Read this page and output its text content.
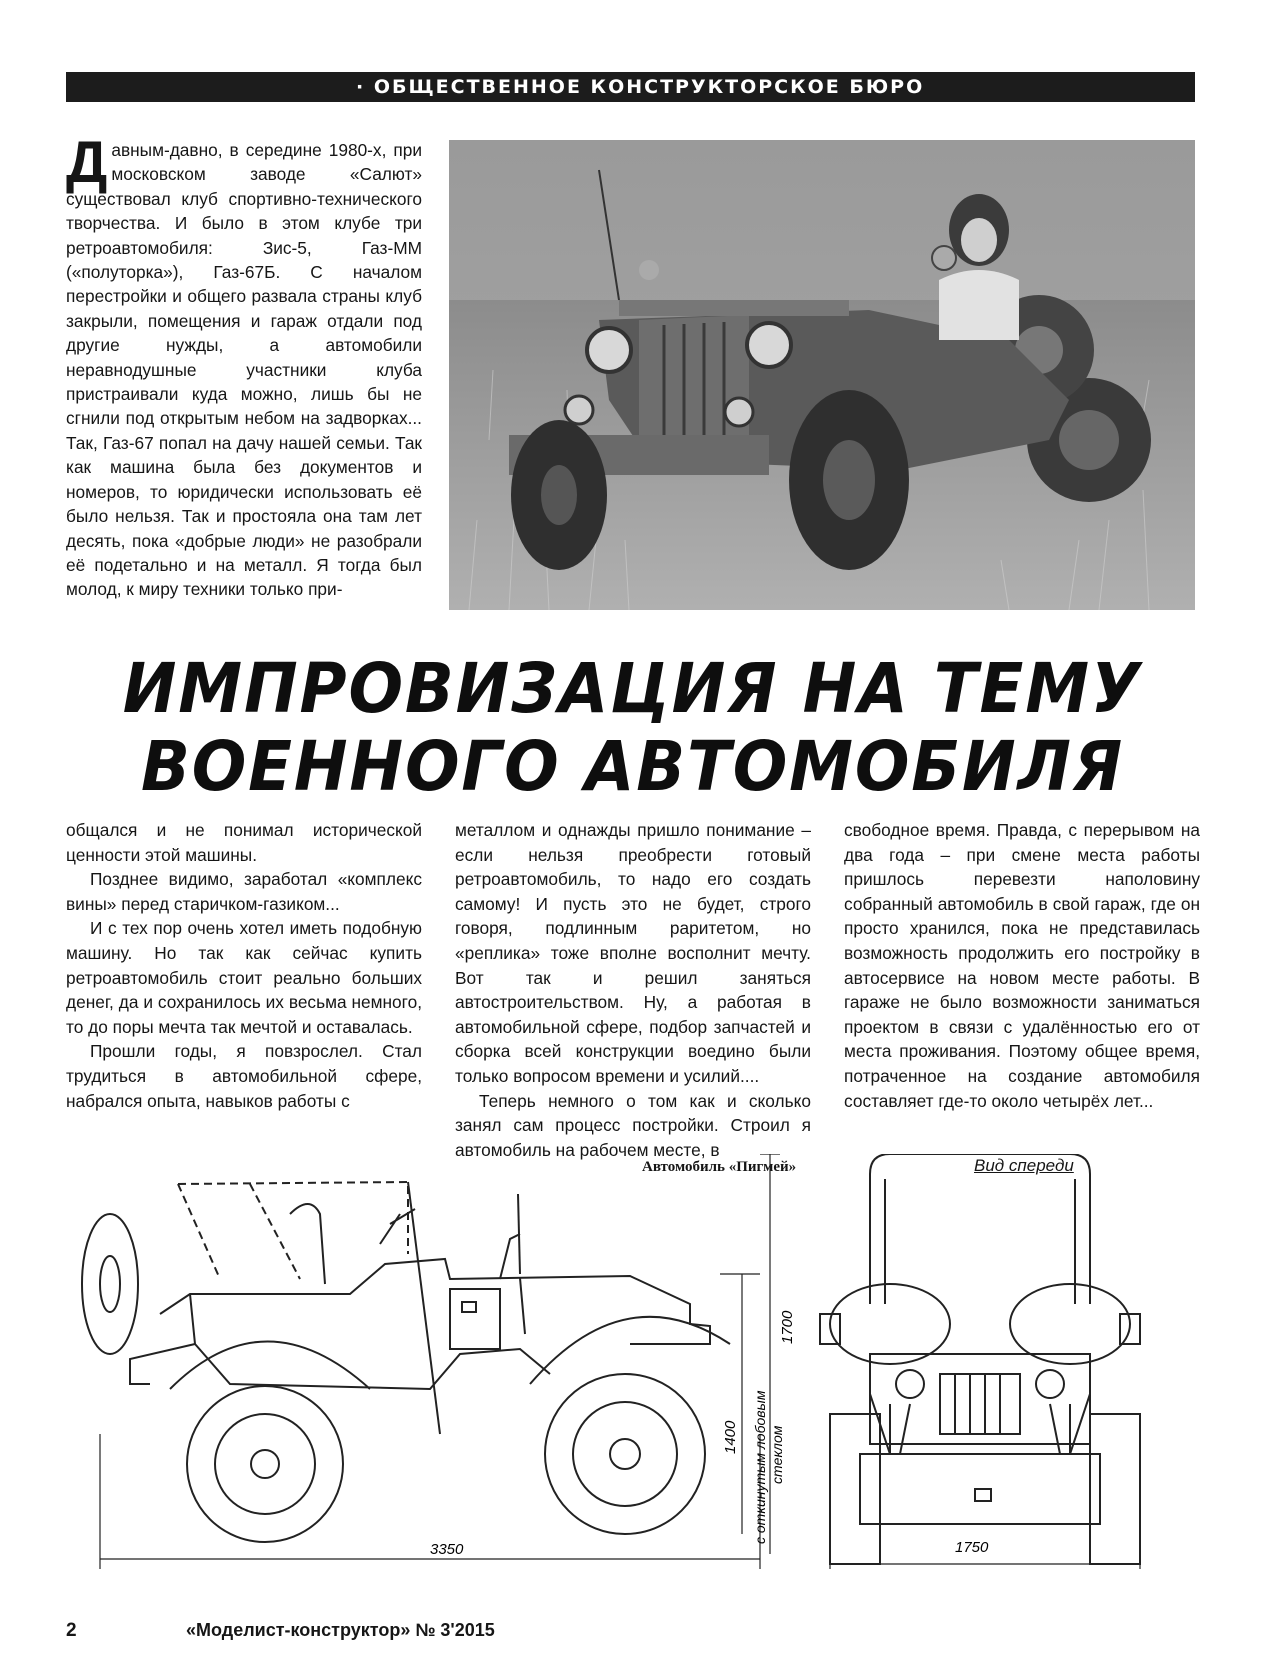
· ОБЩЕСТВЕННОЕ КОНСТРУКТОРСКОЕ БЮРО
Давным-давно, в середине 1980-х, при московском заводе «Салют» существовал клуб спортивно-технического творчества. И было в этом клубе три ретроавтомобиля: Зис-5, Газ-ММ («полуторка»), Газ-67Б. С началом перестройки и общего развала страны клуб закрыли, помещения и гараж отдали под другие нужды, а автомобили неравнодушные участники клуба пристраивали куда можно, лишь бы не сгнили под открытым небом на задворках... Так, Газ-67 попал на дачу нашей семьи. Так как машина была без документов и номеров, то юридически использовать её было нельзя. Так и простояла она там лет десять, пока «добрые люди» не разобрали её подетально и на металл. Я тогда был молод, к миру техники только при-
ИМПРОВИЗАЦИЯ НА ТЕМУ
ВОЕННОГО АВТОМОБИЛЯ

общался и не понимал исторической ценности этой машины.

Позднее видимо, заработал «комплекс вины» перед старичком-газиком...

И с тех пор очень хотел иметь подобную машину. Но так как сейчас купить ретроавтомобиль стоит реально больших денег, да и сохранилось их весьма немного, то до поры мечта так мечтой и оставалась.

Прошли годы, я повзрослел. Стал трудиться в автомобильной сфере, набрался опыта, навыков работы с

металлом и однажды пришло понимание – если нельзя преобрести готовый ретроавтомобиль, то надо его создать самому! И пусть это не будет, строго говоря, подлинным раритетом, но «реплика» тоже вполне восполнит мечту. Вот так и решил заняться автостроительством. Ну, а работая в автомобильной сфере, подбор запчастей и сборка всей конструкции воедино были только вопросом времени и усилий....

Теперь немного о том как и сколько занял сам процесс постройки. Строил я автомобиль на рабочем месте, в

свободное время. Правда, с перерывом на два года – при смене места работы пришлось перевезти наполовину собранный автомобиль в свой гараж, где он просто хранился, пока не представилась возможность продолжить его постройку в автосервисе на новом месте работы. В гараже не было возможности заниматься проектом в связи с удалённостью его от места проживания. Поэтому общее время, потраченное на создание автомобиля составляет где-то около четырёх лет...

Автомобиль «Пигмей»	Вид спереди
3350
1400 с откинутым лобовым стеклом
1750
1700
2	«Моделист-конструктор» № 3'2015
